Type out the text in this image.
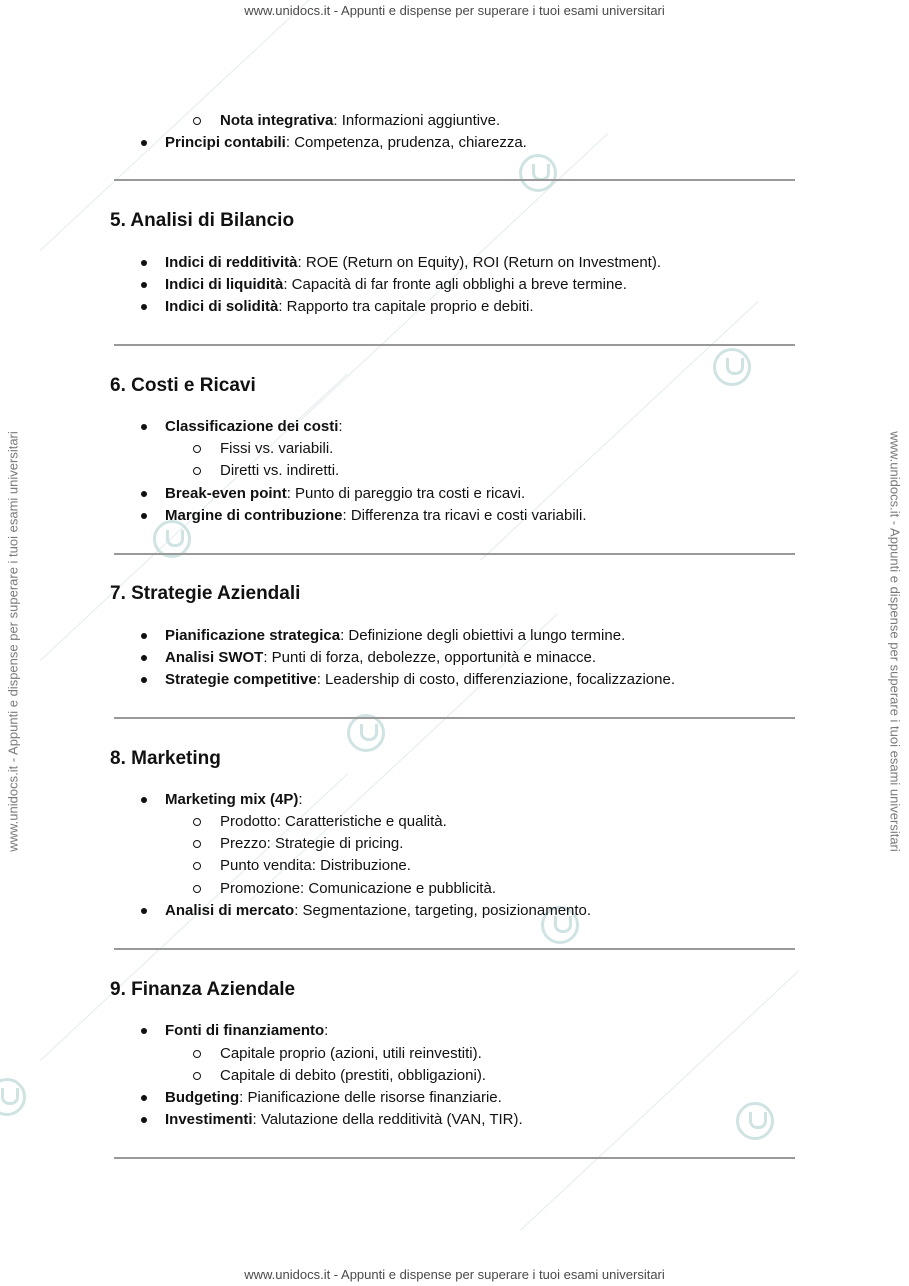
www.unidocs.it - Appunti e dispense per superare i tuoi esami universitari
www.unidocs.it - Appunti e dispense per superare i tuoi esami universitari
www.unidocs.it - Appunti e dispense per superare i tuoi esami universitari	www.unidocs.it - Appunti e dispense per superare i tuoi esami universitari
Nota integrativa: Informazioni aggiuntive.
Principi contabili: Competenza, prudenza, chiarezza.
5. Analisi di Bilancio
Indici di redditività: ROE (Return on Equity), ROI (Return on Investment).
Indici di liquidità: Capacità di far fronte agli obblighi a breve termine.
Indici di solidità: Rapporto tra capitale proprio e debiti.
6. Costi e Ricavi
Classificazione dei costi:
Fissi vs. variabili.
Diretti vs. indiretti.
Break-even point: Punto di pareggio tra costi e ricavi.
Margine di contribuzione: Differenza tra ricavi e costi variabili.
7. Strategie Aziendali
Pianificazione strategica: Definizione degli obiettivi a lungo termine.
Analisi SWOT: Punti di forza, debolezze, opportunità e minacce.
Strategie competitive: Leadership di costo, differenziazione, focalizzazione.
8. Marketing
Marketing mix (4P):
Prodotto: Caratteristiche e qualità.
Prezzo: Strategie di pricing.
Punto vendita: Distribuzione.
Promozione: Comunicazione e pubblicità.
Analisi di mercato: Segmentazione, targeting, posizionamento.
9. Finanza Aziendale
Fonti di finanziamento:
Capitale proprio (azioni, utili reinvestiti).
Capitale di debito (prestiti, obbligazioni).
Budgeting: Pianificazione delle risorse finanziarie.
Investimenti: Valutazione della redditività (VAN, TIR).
